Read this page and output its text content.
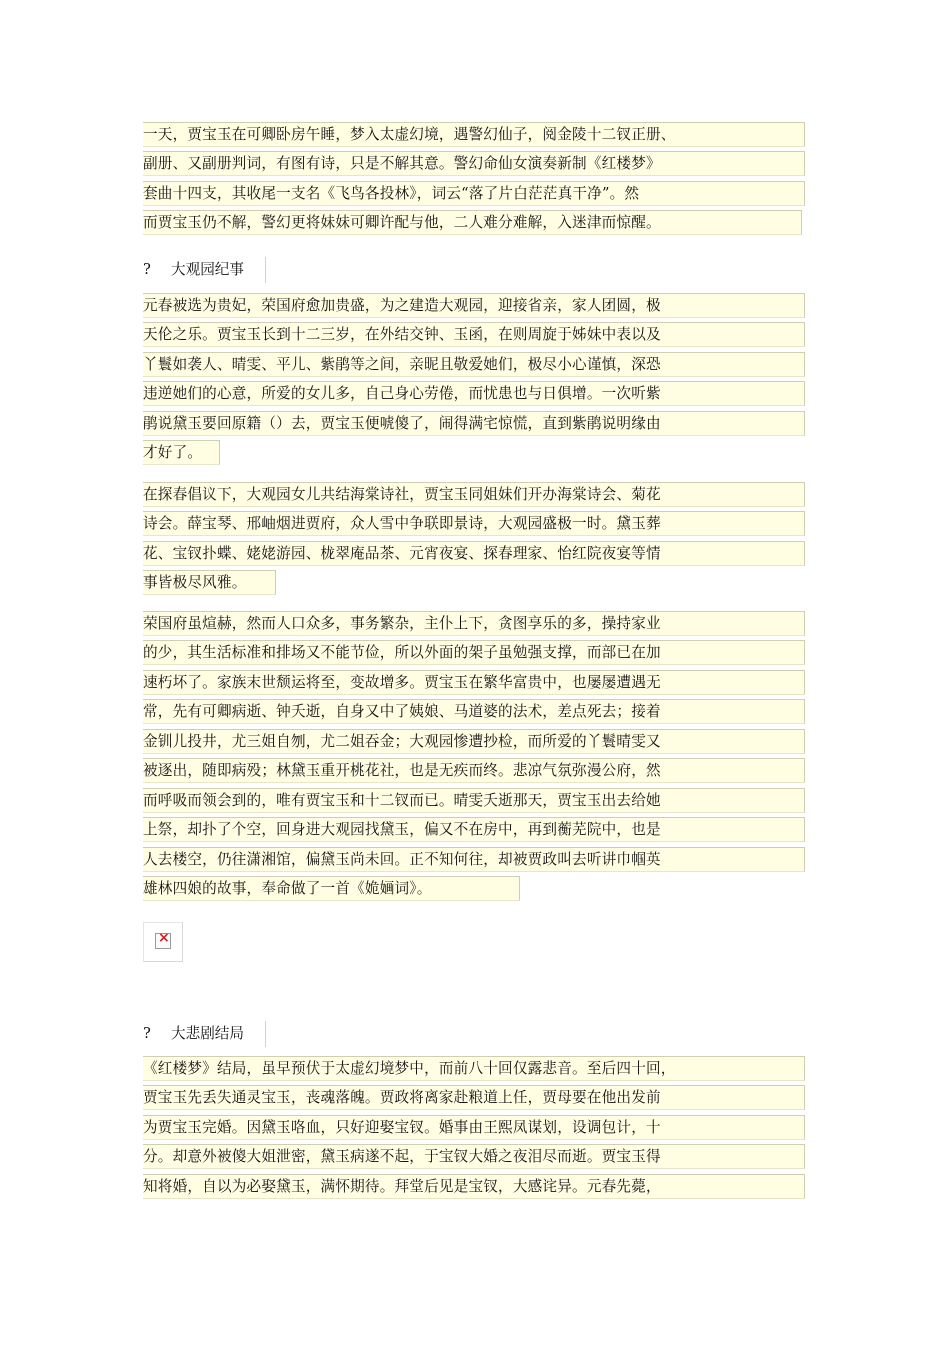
一天，贾宝玉在可卿卧房午睡，梦入太虚幻境，遇警幻仙子，阅金陵十二钗正册、
副册、又副册判词，有图有诗，只是不解其意。警幻命仙女演奏新制《红楼梦》
套曲十四支，其收尾一支名《飞鸟各投林》，词云“落了片白茫茫真干净”。然
而贾宝玉仍不解，警幻更将妹妹可卿许配与他，二人难分难解，入迷津而惊醒。
? 大观园纪事
元春被选为贵妃，荣国府愈加贵盛，为之建造大观园，迎接省亲，家人团圆，极
天伦之乐。贾宝玉长到十二三岁，在外结交钟、玉函，在则周旋于姊妹中表以及
丫鬟如袭人、晴雯、平儿、紫鹃等之间，亲昵且敬爱她们，极尽小心谨慎，深恐
违逆她们的心意，所爱的女儿多，自己身心劳倦，而忧患也与日俱增。一次听紫
鹃说黛玉要回原籍（）去，贾宝玉便唬傻了，闹得满宅惊慌，直到紫鹃说明缘由
才好了。
在探春倡议下，大观园女儿共结海棠诗社，贾宝玉同姐妹们开办海棠诗会、菊花
诗会。薛宝琴、邢岫烟进贾府，众人雪中争联即景诗，大观园盛极一时。黛玉葬
花、宝钗扑蝶、姥姥游园、栊翠庵品茶、元宵夜宴、探春理家、怡红院夜宴等情
事皆极尽风雅。
荣国府虽煊赫，然而人口众多，事务繁杂，主仆上下，贪图享乐的多，操持家业
的少，其生活标准和排场又不能节俭，所以外面的架子虽勉强支撑，而部已在加
速朽坏了。家族末世颓运将至，变故增多。贾宝玉在繁华富贵中，也屡屡遭遇无
常，先有可卿病逝、钟夭逝，自身又中了姨娘、马道婆的法术，差点死去；接着
金钏儿投井，尤三姐自刎，尤二姐吞金；大观园惨遭抄检，而所爱的丫鬟晴雯又
被逐出，随即病殁；林黛玉重开桃花社，也是无疾而终。悲凉气氛弥漫公府，然
而呼吸而领会到的，唯有贾宝玉和十二钗而已。晴雯夭逝那天，贾宝玉出去给她
上祭，却扑了个空，回身进大观园找黛玉，偏又不在房中，再到蘅芜院中，也是
人去楼空，仍往潇湘馆，偏黛玉尚未回。正不知何往，却被贾政叫去听讲巾帼英
雄林四娘的故事，奉命做了一首《姽婳词》。
×
? 大悲剧结局
《红楼梦》结局，虽早预伏于太虚幻境梦中，而前八十回仅露悲音。至后四十回，
贾宝玉先丢失通灵宝玉，丧魂落魄。贾政将离家赴粮道上任，贾母要在他出发前
为贾宝玉完婚。因黛玉咯血，只好迎娶宝钗。婚事由王熙凤谋划，设调包计，十
分。却意外被傻大姐泄密，黛玉病遂不起，于宝钗大婚之夜泪尽而逝。贾宝玉得
知将婚，自以为必娶黛玉，满怀期待。拜堂后见是宝钗，大感诧异。元春先薨，
